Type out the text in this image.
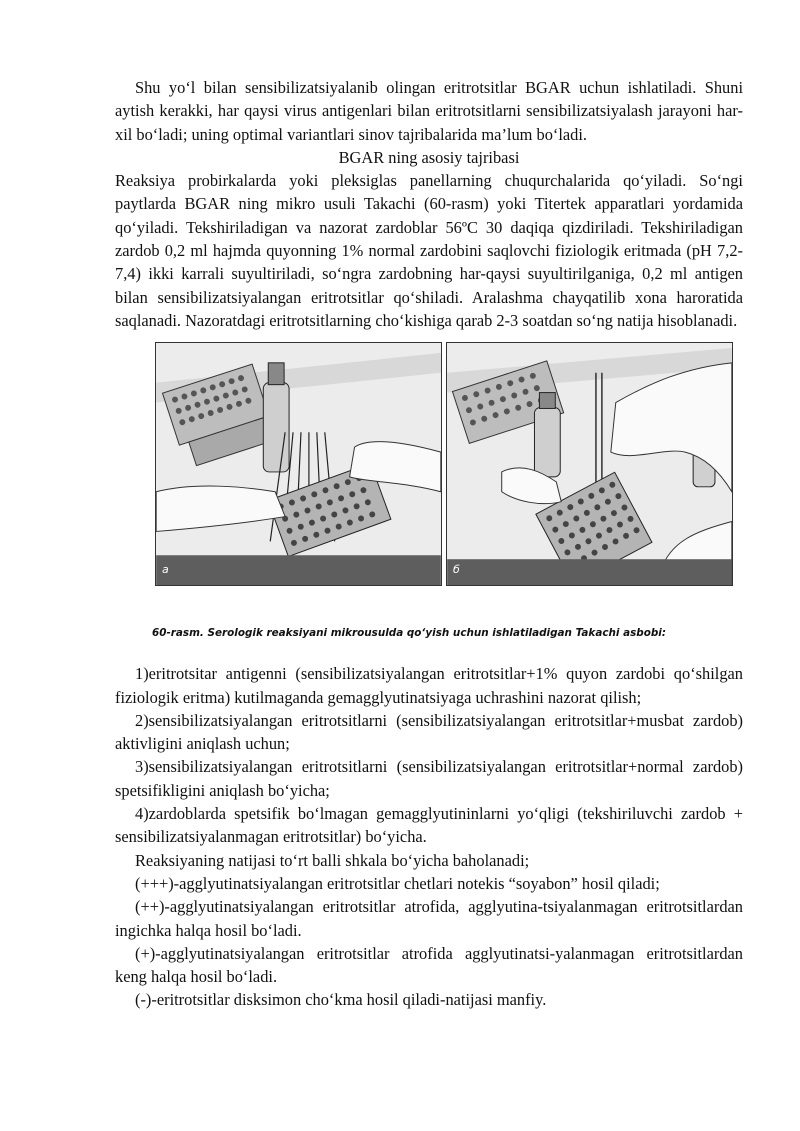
Shu yo‘l bilan sensibilizatsiyalanib olingan eritrotsitlar BGAR uchun ishlatiladi. Shuni aytish kerakki, har qaysi virus antigenlari bilan eritrotsitlarni sensibilizatsiyalash jarayoni har-xil bo‘ladi; uning optimal variantlari sinov tajribalarida ma’lum bo‘ladi.

BGAR ning asosiy tajribasi

Reaksiya probirkalarda yoki pleksiglas panellarning chuqurchalarida qo‘yiladi. So‘ngi paytlarda BGAR ning mikro usuli Takachi (60-rasm) yoki Titertek apparatlari yordamida qo‘yiladi. Tekshiriladigan va nazorat zardoblar 56ºC 30 daqiqa qizdiriladi. Tekshiriladigan zardob 0,2 ml hajmda quyonning 1% normal zardobini saqlovchi fiziologik eritmada (pH 7,2-7,4) ikki karrali suyultiriladi, so‘ngra zardobning har-qaysi suyultirilganiga, 0,2 ml antigen bilan sensibilizatsiyalangan eritrotsitlar qo‘shiladi. Aralashma chayqatilib xona haroratida saqlanadi. Nazoratdagi eritrotsitlarning cho‘kishiga qarab 2-3 soatdan so‘ng natija hisoblanadi.

a	б
60-rasm. Serologik reaksiyani mikrousulda qo‘yish uchun ishlatiladigan Takachi asbobi:

1)eritrotsitar antigenni (sensibilizatsiyalangan eritrotsitlar+1% quyon zardobi qo‘shilgan fiziologik eritma) kutilmaganda gemagglyutinatsiyaga uchrashini nazorat qilish;

2)sensibilizatsiyalangan eritrotsitlarni (sensibilizatsiyalangan eritrotsitlar+musbat zardob) aktivligini aniqlash uchun;

3)sensibilizatsiyalangan eritrotsitlarni (sensibilizatsiyalangan eritrotsitlar+normal zardob) spetsifikligini aniqlash bo‘yicha;

4)zardoblarda spetsifik bo‘lmagan gemagglyutininlarni yo‘qligi (tekshiriluvchi zardob + sensibilizatsiyalanmagan eritrotsitlar) bo‘yicha.

Reaksiyaning natijasi to‘rt balli shkala bo‘yicha baholanadi;

(+++)-agglyutinatsiyalangan eritrotsitlar chetlari notekis “soyabon” hosil qiladi;

(++)-agglyutinatsiyalangan eritrotsitlar atrofida, agglyutina-tsiyalanmagan eritrotsitlardan ingichka halqa hosil bo‘ladi.

(+)-agglyutinatsiyalangan eritrotsitlar atrofida agglyutinatsi-yalanmagan eritrotsitlardan keng halqa hosil bo‘ladi.

(-)-eritrotsitlar disksimon cho‘kma hosil qiladi-natijasi manfiy.
